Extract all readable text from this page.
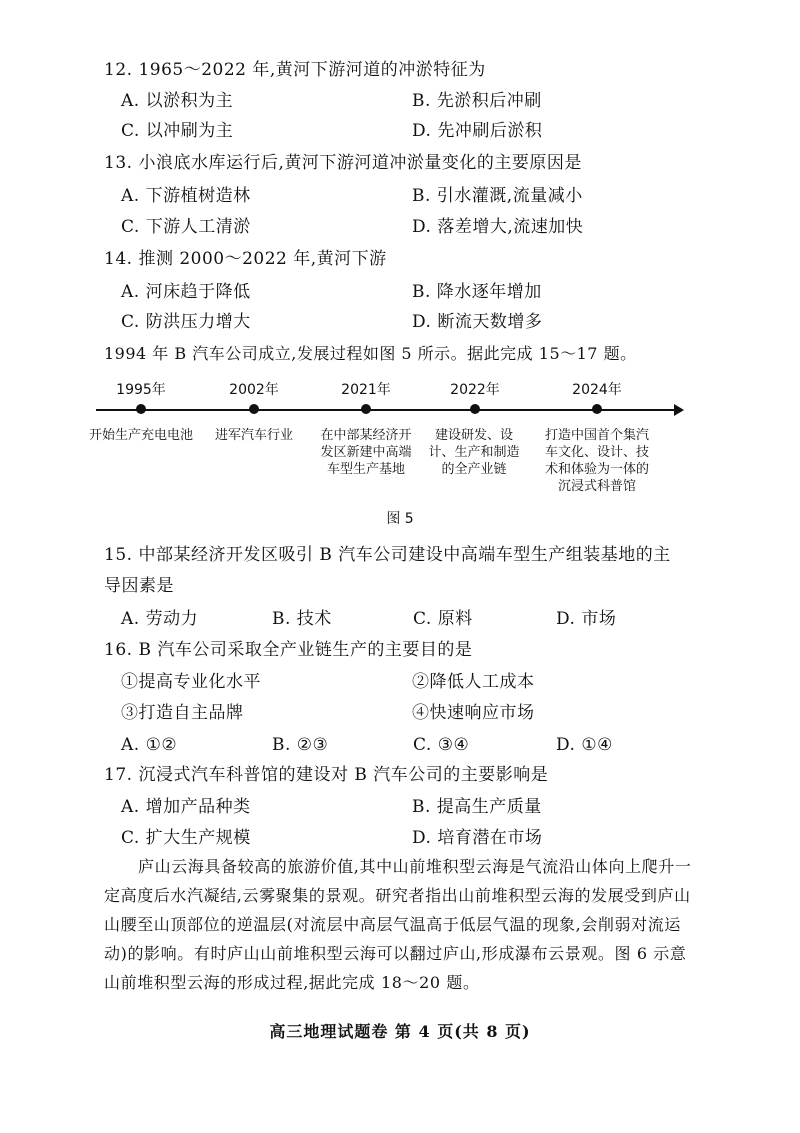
12. 1965～2022 年,黄河下游河道的冲淤特征为
A. 以淤积为主	B. 先淤积后冲刷
C. 以冲刷为主	D. 先冲刷后淤积
13. 小浪底水库运行后,黄河下游河道冲淤量变化的主要原因是
A. 下游植树造林	B. 引水灌溉,流量减小
C. 下游人工清淤	D. 落差增大,流速加快
14. 推测 2000～2022 年,黄河下游
A. 河床趋于降低	B. 降水逐年增加
C. 防洪压力增大	D. 断流天数增多
1994 年 B 汽车公司成立,发展过程如图 5 所示。据此完成 15～17 题。
1995年
开始生产充电电池
2002年
进军汽车行业
2021年
在中部某经济开发区新建中高端车型生产基地
2022年
建设研发、设计、生产和制造的全产业链
2024年
打造中国首个集汽车文化、设计、技术和体验为一体的沉浸式科普馆
图 5
15. 中部某经济开发区吸引 B 汽车公司建设中高端车型生产组装基地的主
导因素是
A. 劳动力	B. 技术	C. 原料	D. 市场
16. B 汽车公司采取全产业链生产的主要目的是
①提高专业化水平	②降低人工成本
③打造自主品牌	④快速响应市场
A. ①②	B. ②③	C. ③④	D. ①④
17. 沉浸式汽车科普馆的建设对 B 汽车公司的主要影响是
A. 增加产品种类	B. 提高生产质量
C. 扩大生产规模	D. 培育潜在市场
庐山云海具备较高的旅游价值,其中山前堆积型云海是气流沿山体向上爬升一定高度后水汽凝结,云雾聚集的景观。研究者指出山前堆积型云海的发展受到庐山山腰至山顶部位的逆温层(对流层中高层气温高于低层气温的现象,会削弱对流运动)的影响。有时庐山山前堆积型云海可以翻过庐山,形成瀑布云景观。图 6 示意山前堆积型云海的形成过程,据此完成 18～20 题。
高三地理试题卷 第 4 页(共 8 页)
